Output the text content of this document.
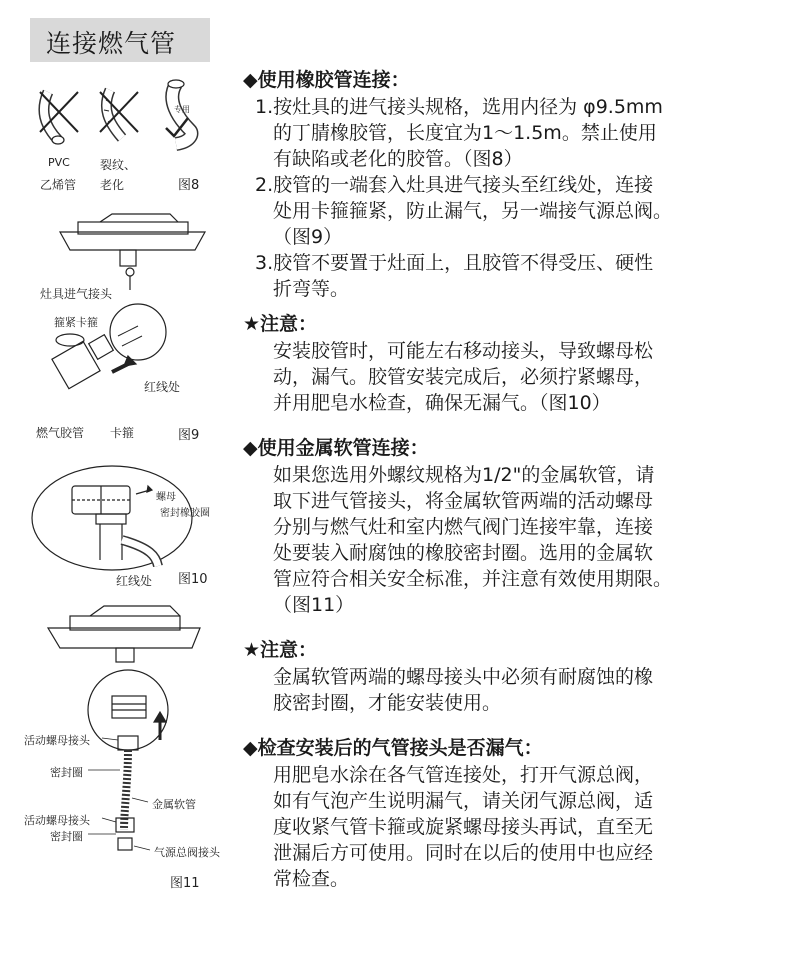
连接燃气管
PVC
乙烯管
裂纹、
老化
专用
图8
灶具进气接头
箍紧卡箍
红线处
燃气胶管 卡箍	图9
螺母
密封橡胶圈
红线处 图10
活动螺母接头
密封圈
金属软管
活动螺母接头
密封圈
气源总阀接头
图11

◆使用橡胶管连接：

1.按灶具的进气接头规格，选用内径为 φ9.5mm

的丁腈橡胶管，长度宜为1～1.5m。禁止使用

有缺陷或老化的胶管。（图8）

2.胶管的一端套入灶具进气接头至红线处，连接

处用卡箍箍紧，防止漏气，另一端接气源总阀。

（图9）

3.胶管不要置于灶面上，且胶管不得受压、硬性

折弯等。

★注意：

安装胶管时，可能左右移动接头，导致螺母松

动，漏气。胶管安装完成后，必须拧紧螺母，

并用肥皂水检查，确保无漏气。（图10）

◆使用金属软管连接：

如果您选用外螺纹规格为1/2"的金属软管，请

取下进气管接头，将金属软管两端的活动螺母

分别与燃气灶和室内燃气阀门连接牢靠，连接

处要装入耐腐蚀的橡胶密封圈。选用的金属软

管应符合相关安全标准，并注意有效使用期限。

（图11）

★注意：

金属软管两端的螺母接头中必须有耐腐蚀的橡

胶密封圈，才能安装使用。

◆检查安装后的气管接头是否漏气：

用肥皂水涂在各气管连接处，打开气源总阀，

如有气泡产生说明漏气，请关闭气源总阀，适

度收紧气管卡箍或旋紧螺母接头再试，直至无

泄漏后方可使用。同时在以后的使用中也应经

常检查。
